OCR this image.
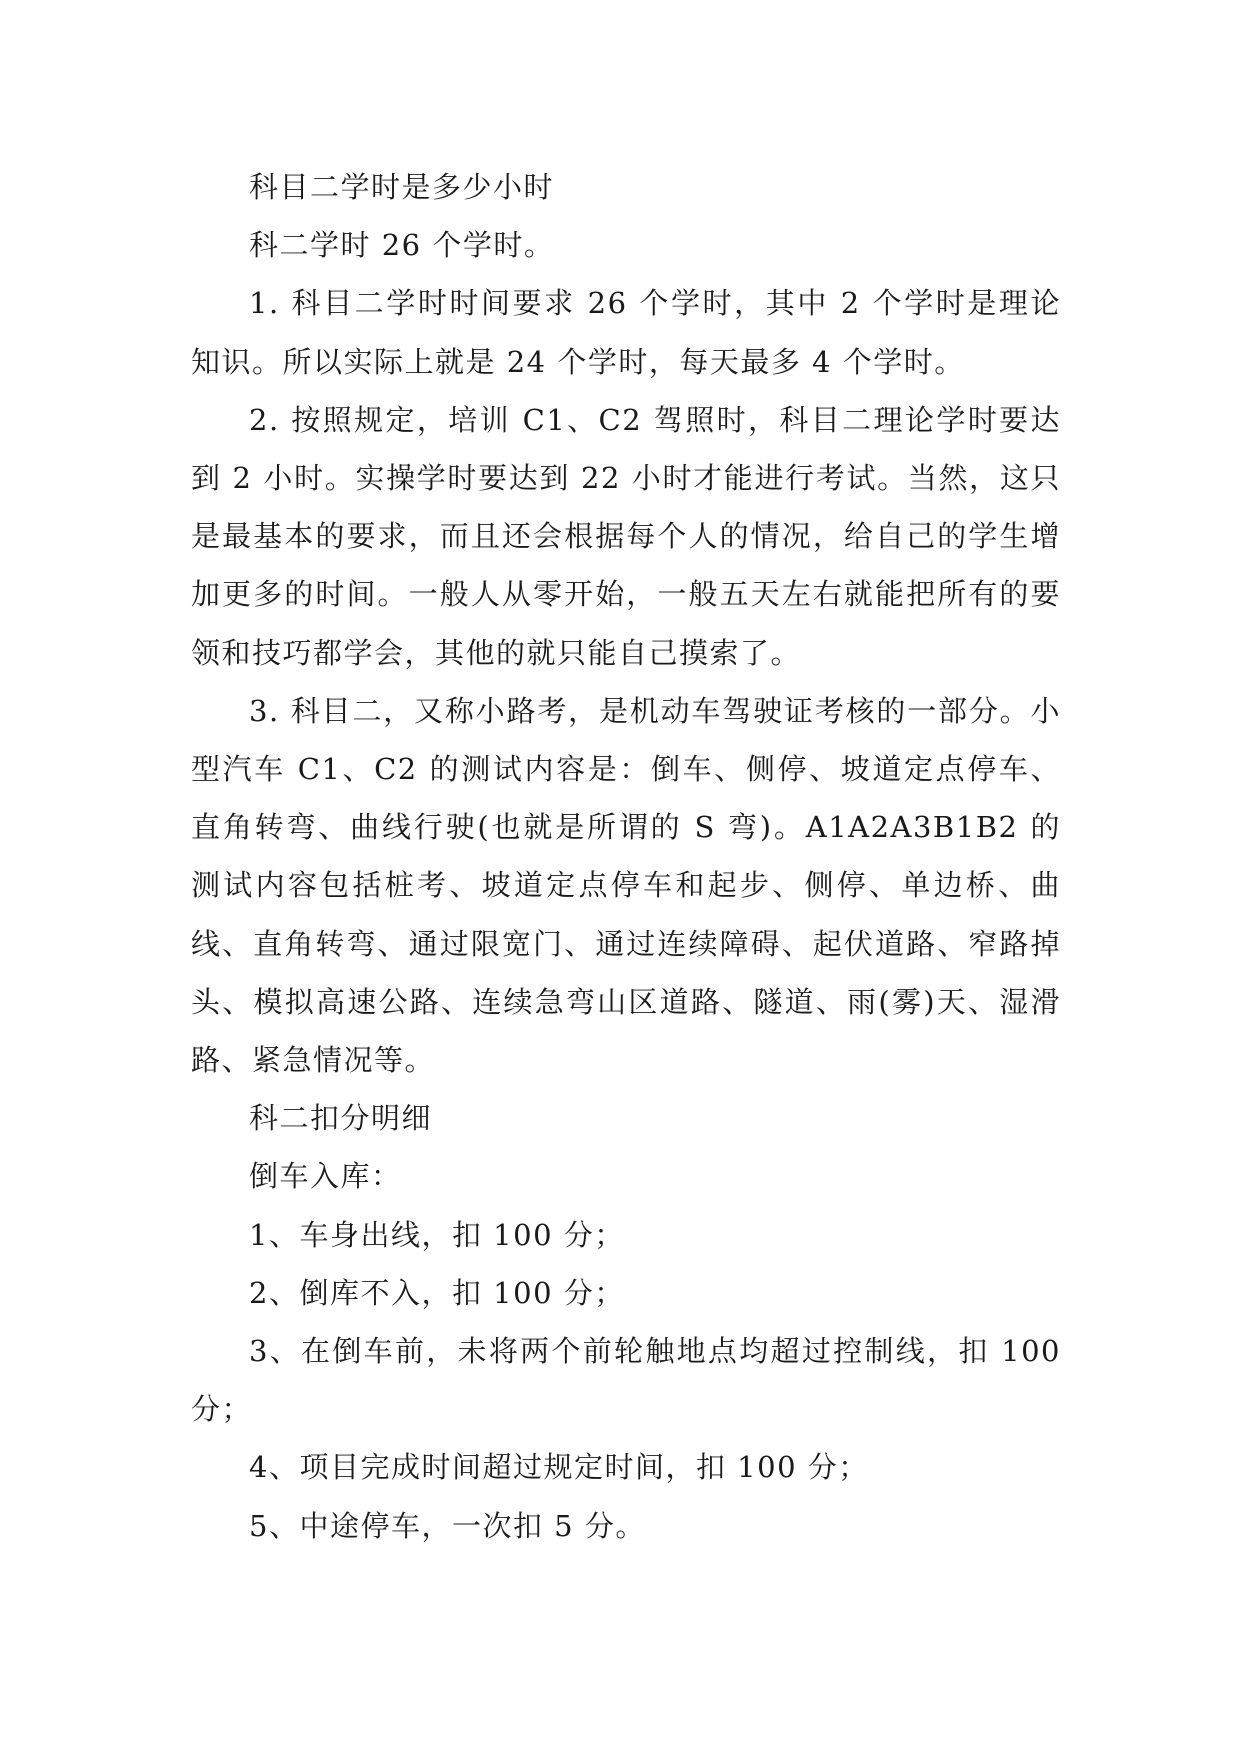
科目二学时是多少小时

科二学时 26 个学时。

1. 科目二学时时间要求 26 个学时，其中 2 个学时是理论知识。所以实际上就是 24 个学时，每天最多 4 个学时。

2. 按照规定，培训 C1、C2 驾照时，科目二理论学时要达到 2 小时。实操学时要达到 22 小时才能进行考试。当然，这只是最基本的要求，而且还会根据每个人的情况，给自己的学生增加更多的时间。一般人从零开始，一般五天左右就能把所有的要领和技巧都学会，其他的就只能自己摸索了。

3. 科目二，又称小路考，是机动车驾驶证考核的一部分。小型汽车 C1、C2 的测试内容是：倒车、侧停、坡道定点停车、直角转弯、曲线行驶(也就是所谓的 S 弯)。A1A2A3B1B2 的测试内容包括桩考、坡道定点停车和起步、侧停、单边桥、曲线、直角转弯、通过限宽门、通过连续障碍、起伏道路、窄路掉头、模拟高速公路、连续急弯山区道路、隧道、雨(雾)天、湿滑路、紧急情况等。

科二扣分明细

倒车入库：

1、车身出线，扣 100 分；

2、倒库不入，扣 100 分；

3、在倒车前，未将两个前轮触地点均超过控制线，扣 100 分；

4、项目完成时间超过规定时间，扣 100 分；

5、中途停车，一次扣 5 分。
